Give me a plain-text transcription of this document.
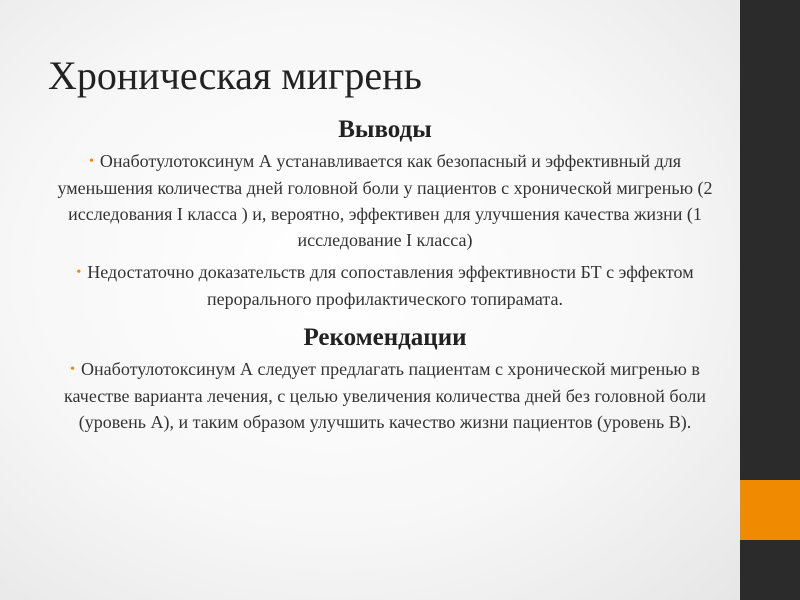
Хроническая мигрень
Выводы
• Онаботулотоксинум А устанавливается как безопасный и эффективный для уменьшения количества дней головной боли у пациентов с хронической мигренью (2 исследования I класса ) и, вероятно, эффективен для улучшения качества жизни (1 исследование I класса)
• Недостаточно доказательств для сопоставления эффективности БТ с эффектом перорального профилактического топирамата.
Рекомендации
• Онаботулотоксинум А следует предлагать пациентам с хронической мигренью в качестве варианта лечения, с целью увеличения количества дней без головной боли (уровень А), и таким образом улучшить качество жизни пациентов (уровень B).
